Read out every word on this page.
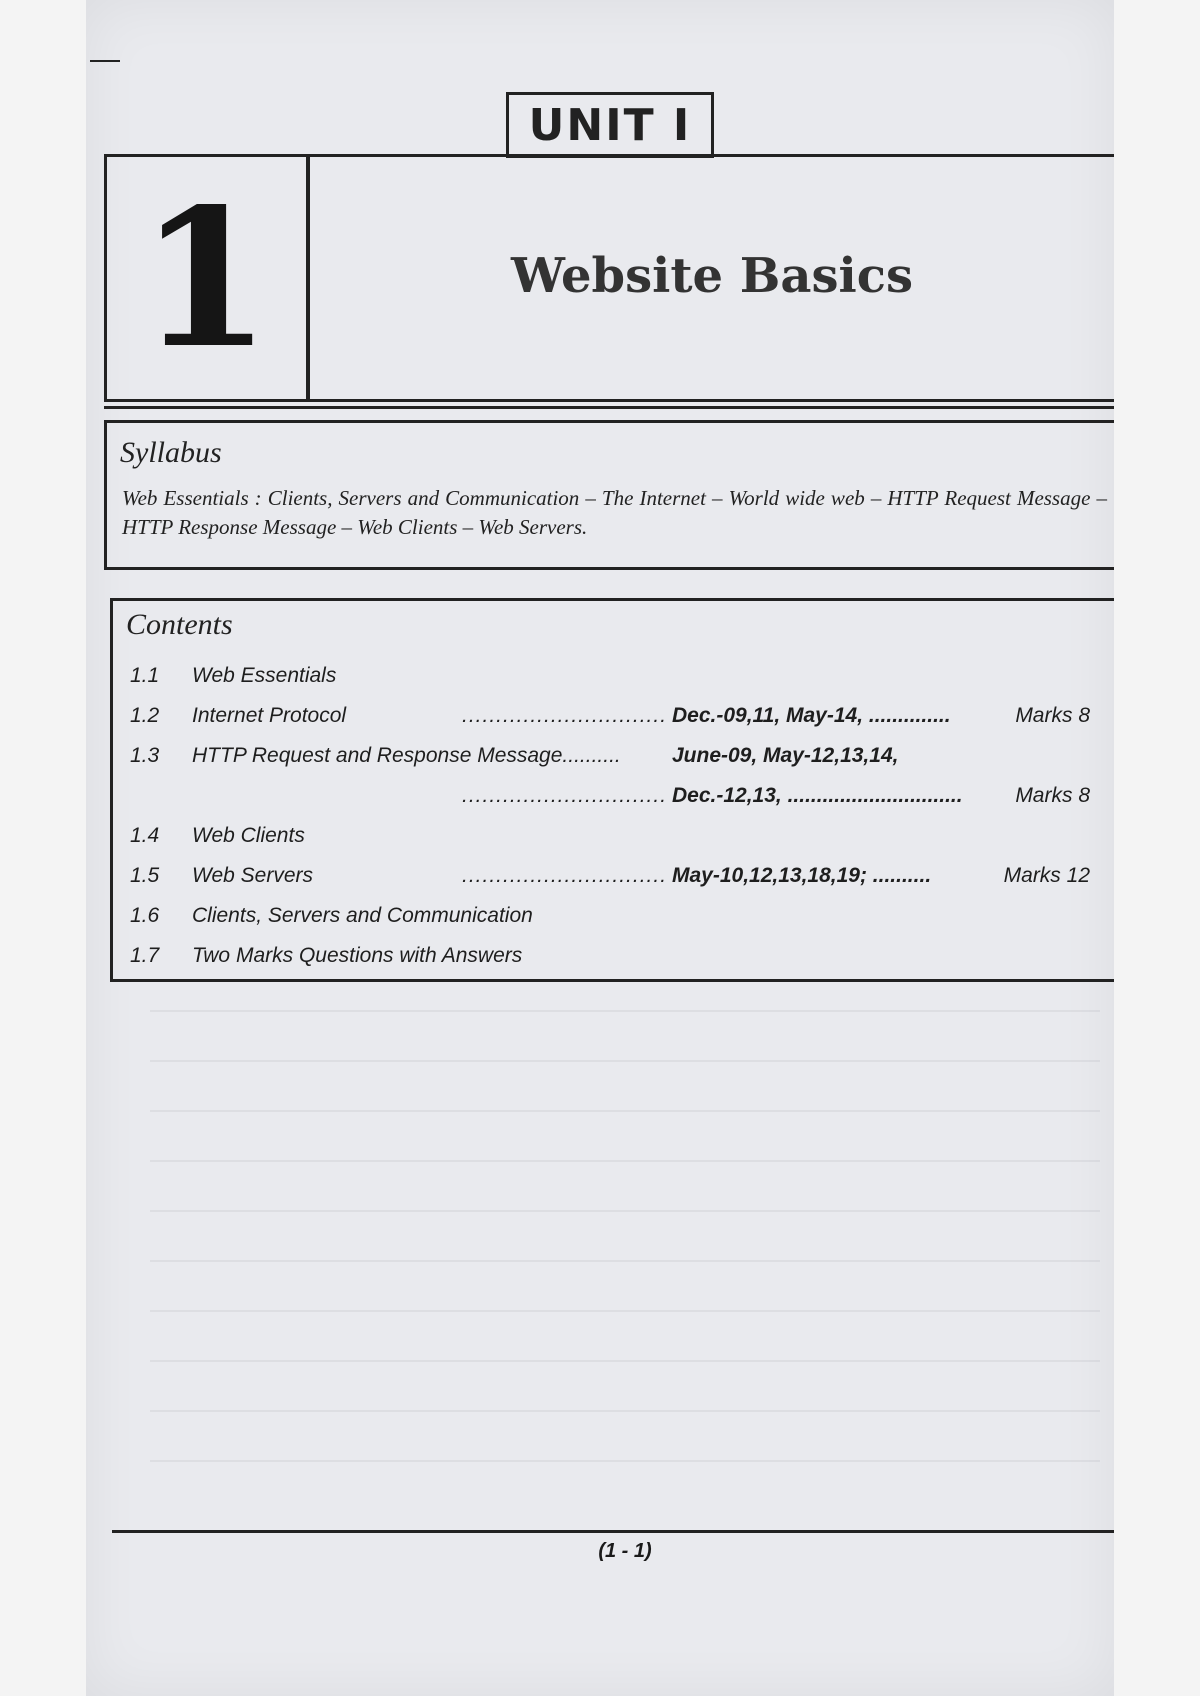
UNIT I
1	Website Basics
Syllabus
Web Essentials : Clients, Servers and Communication – The Internet – World wide web – HTTP Request Message – HTTP Response Message – Web Clients – Web Servers.
Contents
1.1 Web Essentials
1.2 Internet Protocol	.............................. Dec.-09,11, May-14, ..............	Marks 8
1.3 HTTP Request and Response Message.......... June-09, May-12,13,14,
.............................. Dec.-12,13, ..............................	Marks 8
1.4 Web Clients
1.5 Web Servers	.............................. May-10,12,13,18,19; ..........	Marks 12
1.6 Clients, Servers and Communication
1.7 Two Marks Questions with Answers
(1 - 1)
